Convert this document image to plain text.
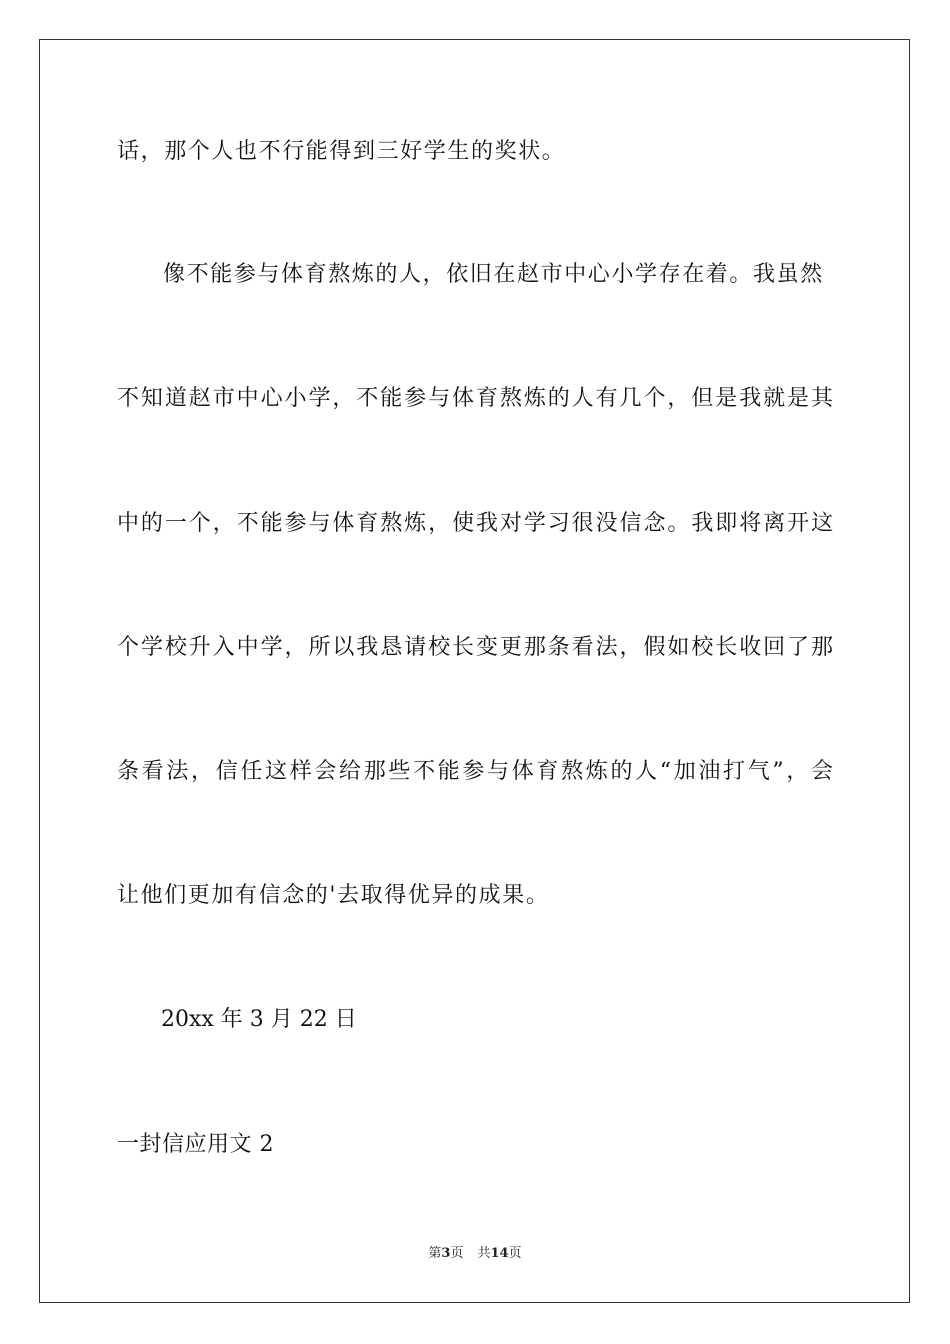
话，那个人也不行能得到三好学生的奖状。
像不能参与体育熬炼的人，依旧在赵市中心小学存在着。我虽然
不知道赵市中心小学，不能参与体育熬炼的人有几个，但是我就是其
中的一个，不能参与体育熬炼，使我对学习很没信念。我即将离开这
个学校升入中学，所以我恳请校长变更那条看法，假如校长收回了那
条看法，信任这样会给那些不能参与体育熬炼的人“加油打气”，会
让他们更加有信念的'去取得优异的成果。
20xx 年 3 月 22 日
一封信应用文 2
第3页 共14页
